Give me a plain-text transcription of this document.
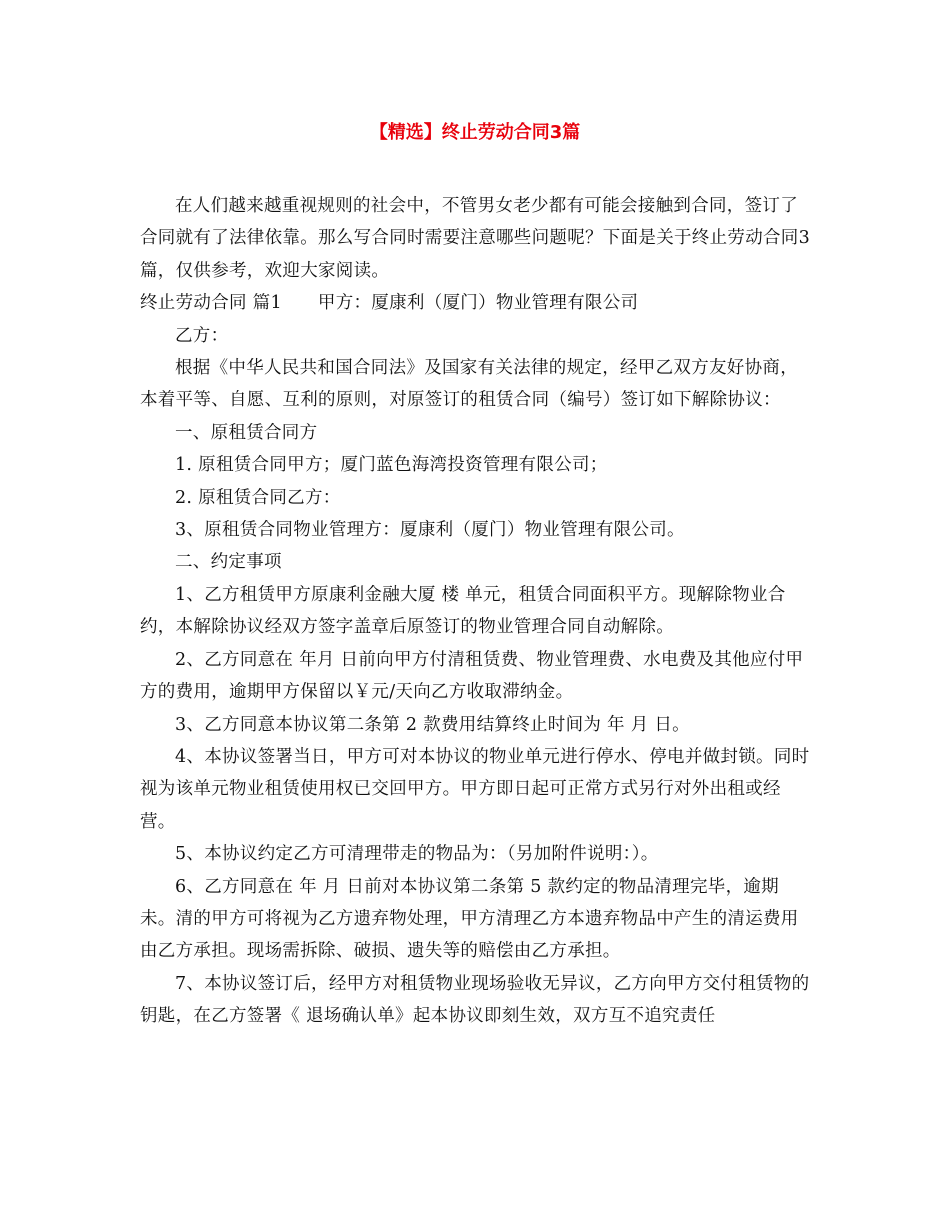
【精选】终止劳动合同3篇

在人们越来越重视规则的社会中，不管男女老少都有可能会接触到合同，签订了合同就有了法律依靠。那么写合同时需要注意哪些问题呢？下面是关于终止劳动合同3篇，仅供参考，欢迎大家阅读。

终止劳动合同 篇1 甲方：厦康利（厦门）物业管理有限公司

乙方：

根据《中华人民共和国合同法》及国家有关法律的规定，经甲乙双方友好协商，本着平等、自愿、互利的原则，对原签订的租赁合同（编号）签订如下解除协议：

一、原租赁合同方

1. 原租赁合同甲方；厦门蓝色海湾投资管理有限公司；

2. 原租赁合同乙方：

3、原租赁合同物业管理方：厦康利（厦门）物业管理有限公司。

二、约定事项

1、乙方租赁甲方原康利金融大厦 楼 单元，租赁合同面积平方。现解除物业合约，本解除协议经双方签字盖章后原签订的物业管理合同自动解除。

2、乙方同意在 年月 日前向甲方付清租赁费、物业管理费、水电费及其他应付甲方的费用，逾期甲方保留以￥元/天向乙方收取滞纳金。

3、乙方同意本协议第二条第 2 款费用结算终止时间为 年 月 日。

4、本协议签署当日，甲方可对本协议的物业单元进行停水、停电并做封锁。同时视为该单元物业租赁使用权已交回甲方。甲方即日起可正常方式另行对外出租或经营。

5、本协议约定乙方可清理带走的物品为：（另加附件说明：）。

6、乙方同意在 年 月 日前对本协议第二条第 5 款约定的物品清理完毕，逾期未。清的甲方可将视为乙方遗弃物处理，甲方清理乙方本遗弃物品中产生的清运费用由乙方承担。现场需拆除、破损、遗失等的赔偿由乙方承担。

7、本协议签订后，经甲方对租赁物业现场验收无异议，乙方向甲方交付租赁物的钥匙，在乙方签署《 退场确认单》起本协议即刻生效，双方互不追究责任
